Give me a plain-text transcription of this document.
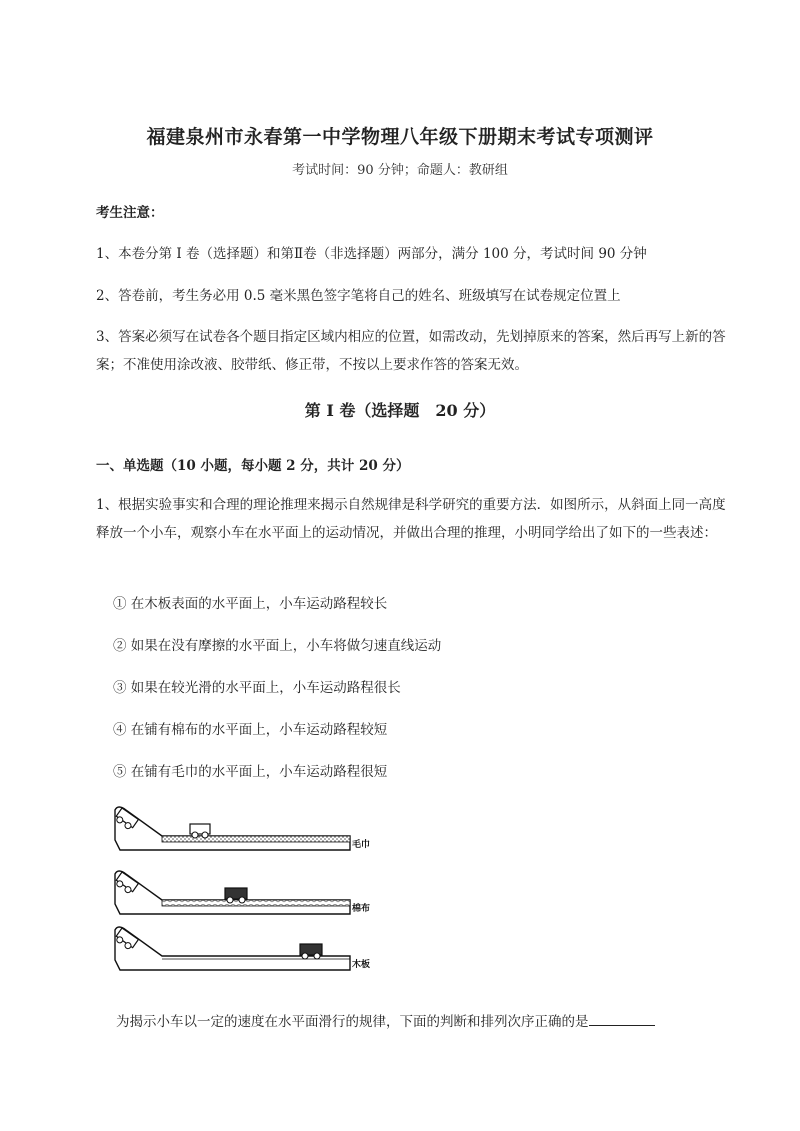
福建泉州市永春第一中学物理八年级下册期末考试专项测评
考试时间：90 分钟；命题人：教研组
考生注意：
1、本卷分第 I 卷（选择题）和第Ⅱ卷（非选择题）两部分，满分 100 分，考试时间 90 分钟
2、答卷前，考生务必用 0.5 毫米黑色签字笔将自己的姓名、班级填写在试卷规定位置上
3、答案必须写在试卷各个题目指定区域内相应的位置，如需改动，先划掉原来的答案，然后再写上新的答案；不准使用涂改液、胶带纸、修正带，不按以上要求作答的答案无效。
第 I 卷（选择题　20 分）
一、单选题（10 小题，每小题 2 分，共计 20 分）
1、根据实验事实和合理的理论推理来揭示自然规律是科学研究的重要方法．如图所示，从斜面上同一高度释放一个小车，观察小车在水平面上的运动情况，并做出合理的推理，小明同学给出了如下的一些表述：
① 在木板表面的水平面上，小车运动路程较长
② 如果在没有摩擦的水平面上，小车将做匀速直线运动
③ 如果在较光滑的水平面上，小车运动路程很长
④ 在铺有棉布的水平面上，小车运动路程较短
⑤ 在铺有毛巾的水平面上，小车运动路程很短
毛巾
棉布
木板
为揭示小车以一定的速度在水平面滑行的规律，下面的判断和排列次序正确的是
